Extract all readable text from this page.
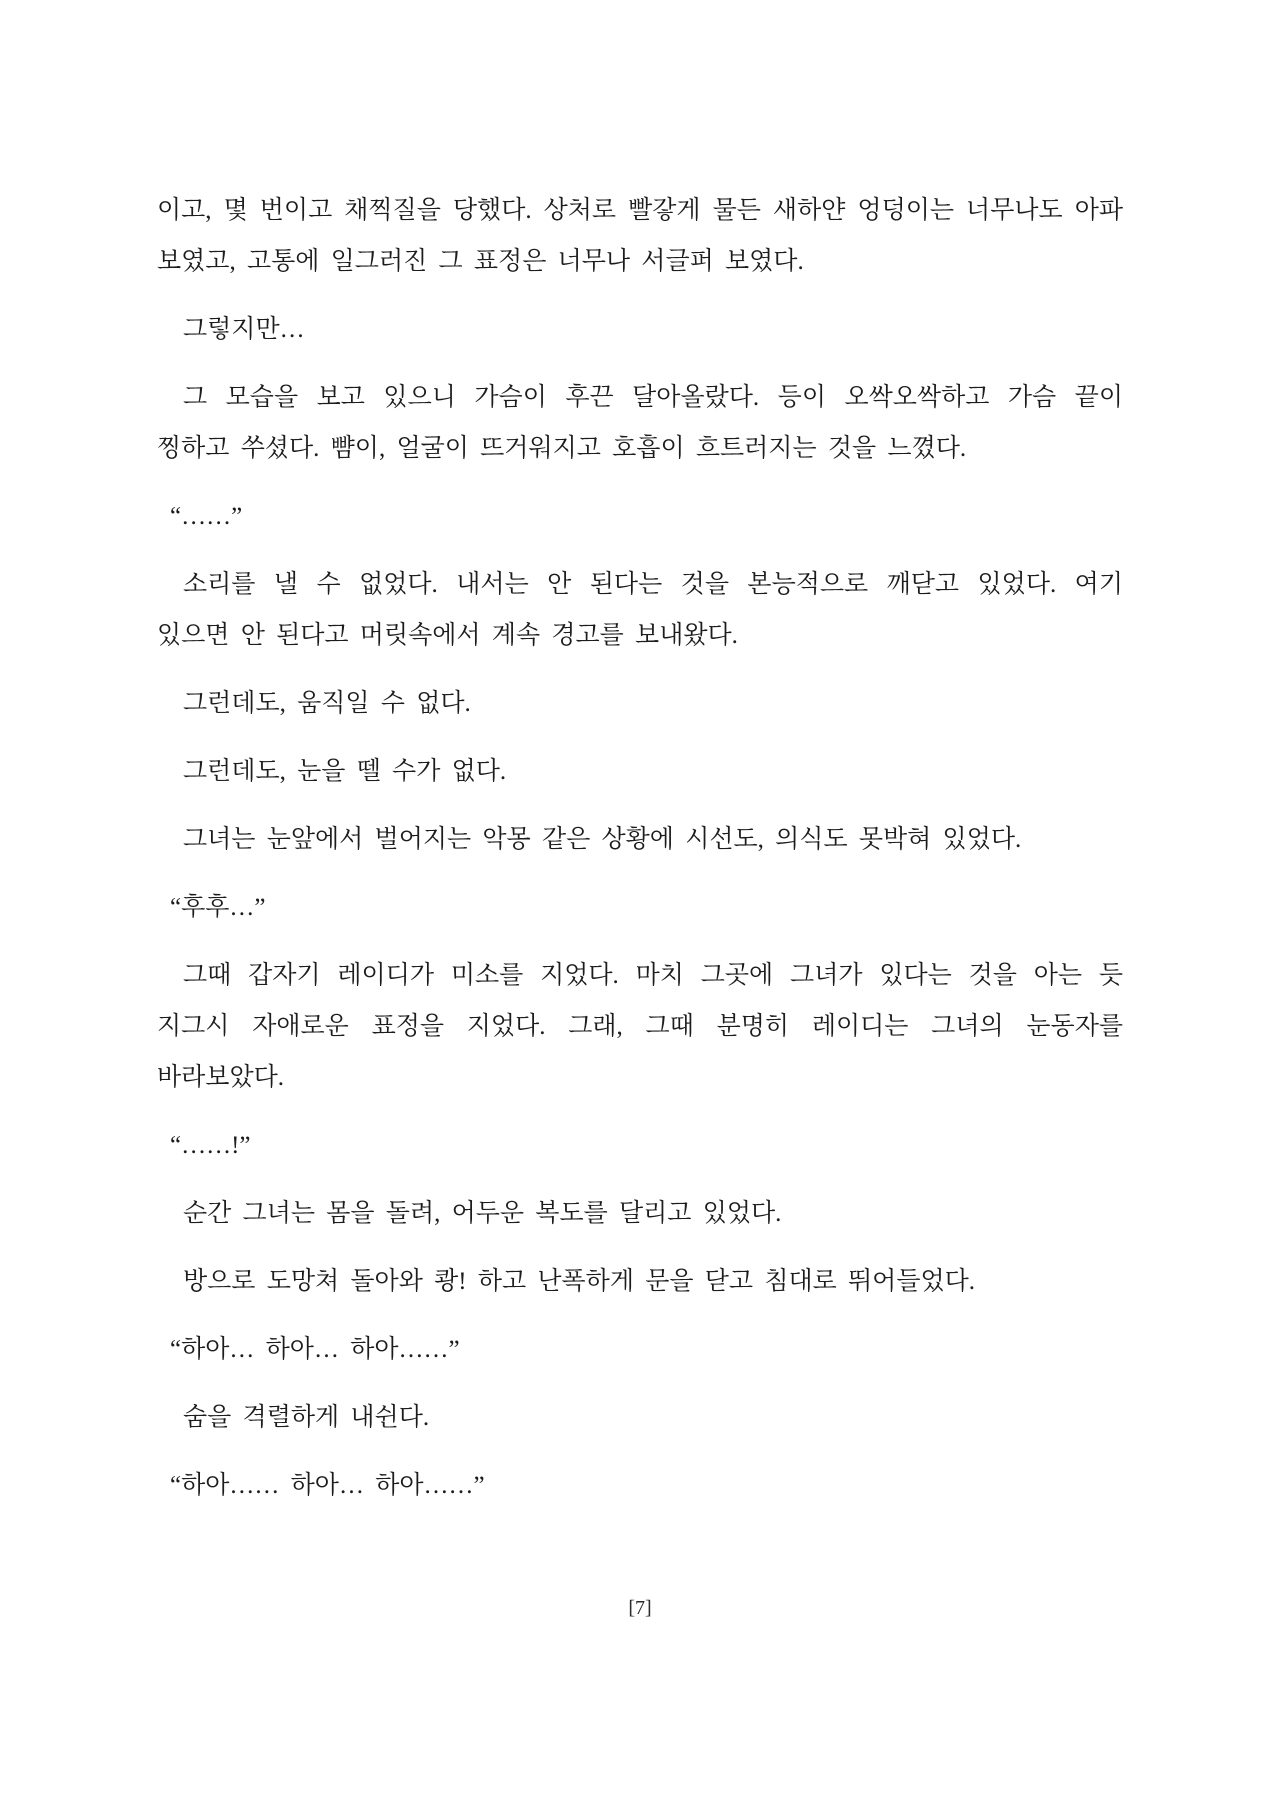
이고, 몇 번이고 채찍질을 당했다. 상처로 빨갛게 물든 새하얀 엉덩이는 너무나도 아파 보였고, 고통에 일그러진 그 표정은 너무나 서글퍼 보였다.

그렇지만…

그 모습을 보고 있으니 가슴이 후끈 달아올랐다. 등이 오싹오싹하고 가슴 끝이 찡하고 쑤셨다. 뺨이, 얼굴이 뜨거워지고 호흡이 흐트러지는 것을 느꼈다.

“……”

소리를 낼 수 없었다. 내서는 안 된다는 것을 본능적으로 깨닫고 있었다. 여기 있으면 안 된다고 머릿속에서 계속 경고를 보내왔다.

그런데도, 움직일 수 없다.

그런데도, 눈을 뗄 수가 없다.

그녀는 눈앞에서 벌어지는 악몽 같은 상황에 시선도, 의식도 못박혀 있었다.

“후후…”

그때 갑자기 레이디가 미소를 지었다. 마치 그곳에 그녀가 있다는 것을 아는 듯 지그시 자애로운 표정을 지었다. 그래, 그때 분명히 레이디는 그녀의 눈동자를 바라보았다.

“……!”

순간 그녀는 몸을 돌려, 어두운 복도를 달리고 있었다.

방으로 도망쳐 돌아와 쾅! 하고 난폭하게 문을 닫고 침대로 뛰어들었다.

“하아… 하아… 하아……”

숨을 격렬하게 내쉰다.

“하아…… 하아… 하아……”

[7]
